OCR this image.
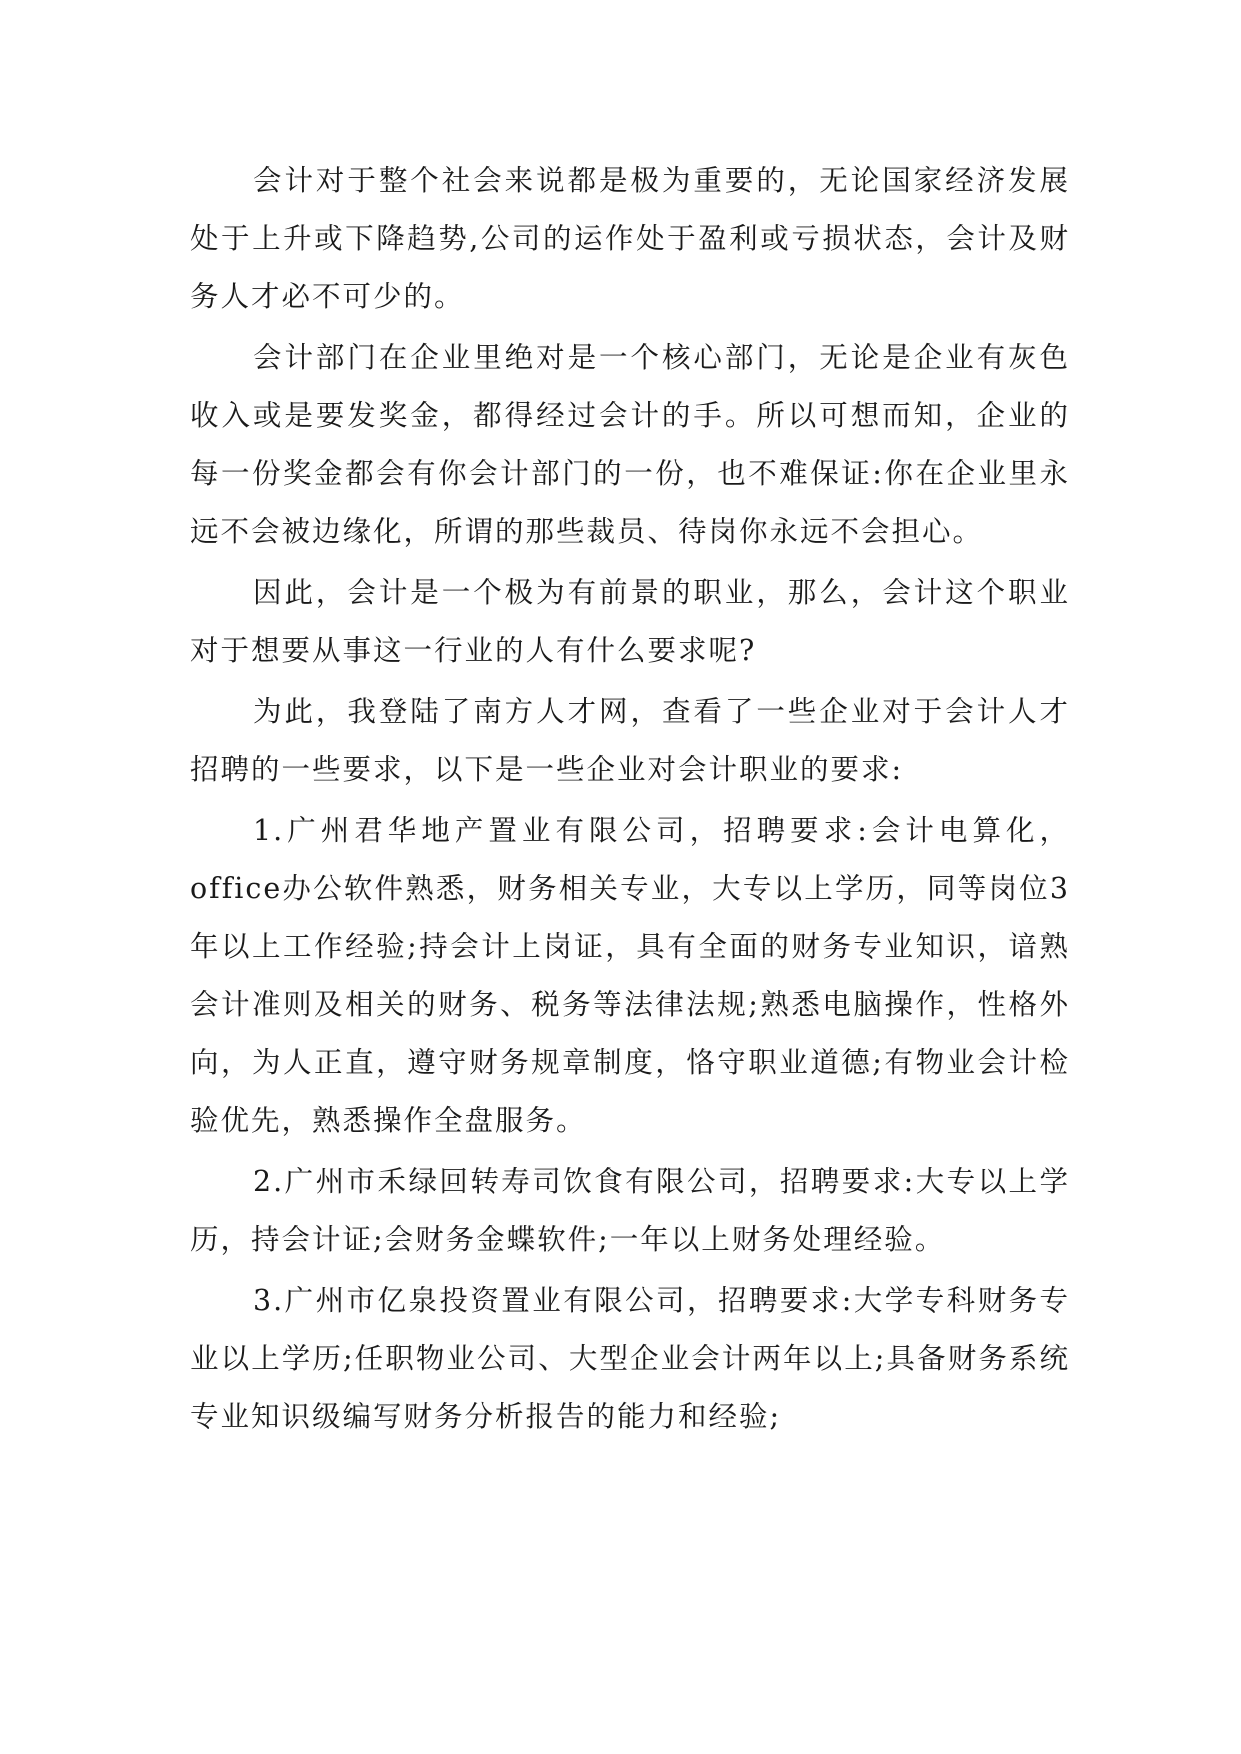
会计对于整个社会来说都是极为重要的，无论国家经济发展处于上升或下降趋势,公司的运作处于盈利或亏损状态，会计及财务人才必不可少的。

会计部门在企业里绝对是一个核心部门，无论是企业有灰色收入或是要发奖金，都得经过会计的手。所以可想而知，企业的每一份奖金都会有你会计部门的一份，也不难保证:你在企业里永远不会被边缘化，所谓的那些裁员、待岗你永远不会担心。

因此，会计是一个极为有前景的职业，那么，会计这个职业对于想要从事这一行业的人有什么要求呢?

为此，我登陆了南方人才网，查看了一些企业对于会计人才招聘的一些要求，以下是一些企业对会计职业的要求:

1.广州君华地产置业有限公司，招聘要求:会计电算化，office办公软件熟悉，财务相关专业，大专以上学历，同等岗位3年以上工作经验;持会计上岗证，具有全面的财务专业知识，谙熟会计准则及相关的财务、税务等法律法规;熟悉电脑操作，性格外向，为人正直，遵守财务规章制度，恪守职业道德;有物业会计检验优先，熟悉操作全盘服务。

2.广州市禾绿回转寿司饮食有限公司，招聘要求:大专以上学历，持会计证;会财务金蝶软件;一年以上财务处理经验。

3.广州市亿泉投资置业有限公司，招聘要求:大学专科财务专业以上学历;任职物业公司、大型企业会计两年以上;具备财务系统专业知识级编写财务分析报告的能力和经验;
